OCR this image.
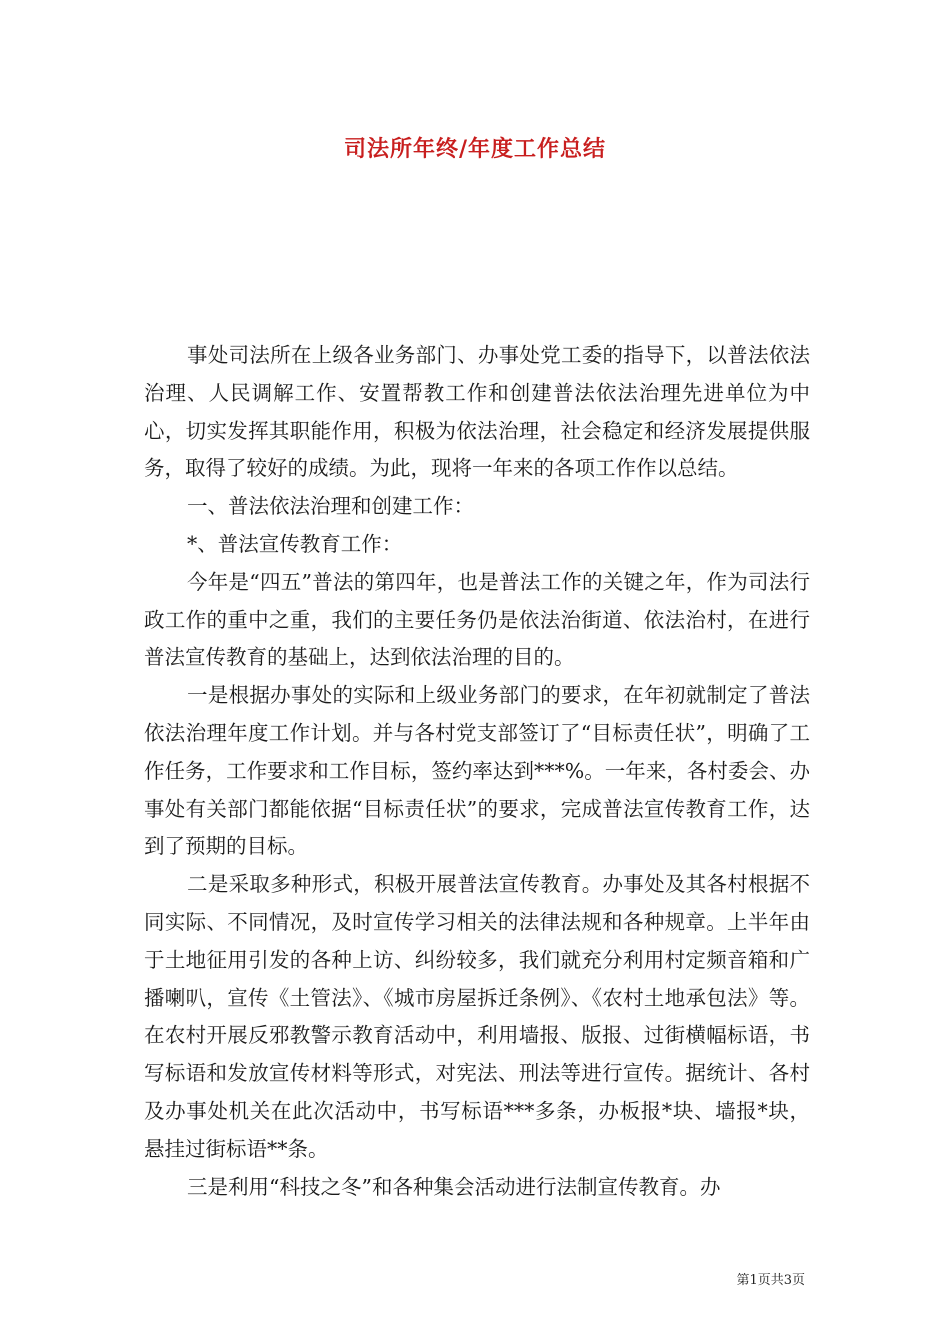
司法所年终/年度工作总结

事处司法所在上级各业务部门、办事处党工委的指导下，以普法依法治理、人民调解工作、安置帮教工作和创建普法依法治理先进单位为中心，切实发挥其职能作用，积极为依法治理，社会稳定和经济发展提供服务，取得了较好的成绩。为此，现将一年来的各项工作作以总结。

一、普法依法治理和创建工作：

*、普法宣传教育工作：

今年是“四五”普法的第四年，也是普法工作的关键之年，作为司法行政工作的重中之重，我们的主要任务仍是依法治街道、依法治村，在进行普法宣传教育的基础上，达到依法治理的目的。

一是根据办事处的实际和上级业务部门的要求，在年初就制定了普法依法治理年度工作计划。并与各村党支部签订了“目标责任状”，明确了工作任务，工作要求和工作目标，签约率达到***%。一年来，各村委会、办事处有关部门都能依据“目标责任状”的要求，完成普法宣传教育工作，达到了预期的目标。

二是采取多种形式，积极开展普法宣传教育。办事处及其各村根据不同实际、不同情况，及时宣传学习相关的法律法规和各种规章。上半年由于土地征用引发的各种上访、纠纷较多，我们就充分利用村定频音箱和广播喇叭，宣传《土管法》、《城市房屋拆迁条例》、《农村土地承包法》等。在农村开展反邪教警示教育活动中，利用墙报、版报、过街横幅标语，书写标语和发放宣传材料等形式，对宪法、刑法等进行宣传。据统计、各村及办事处机关在此次活动中，书写标语***多条，办板报*块、墙报*块，悬挂过街标语**条。

三是利用“科技之冬”和各种集会活动进行法制宣传教育。办

第1页共3页
